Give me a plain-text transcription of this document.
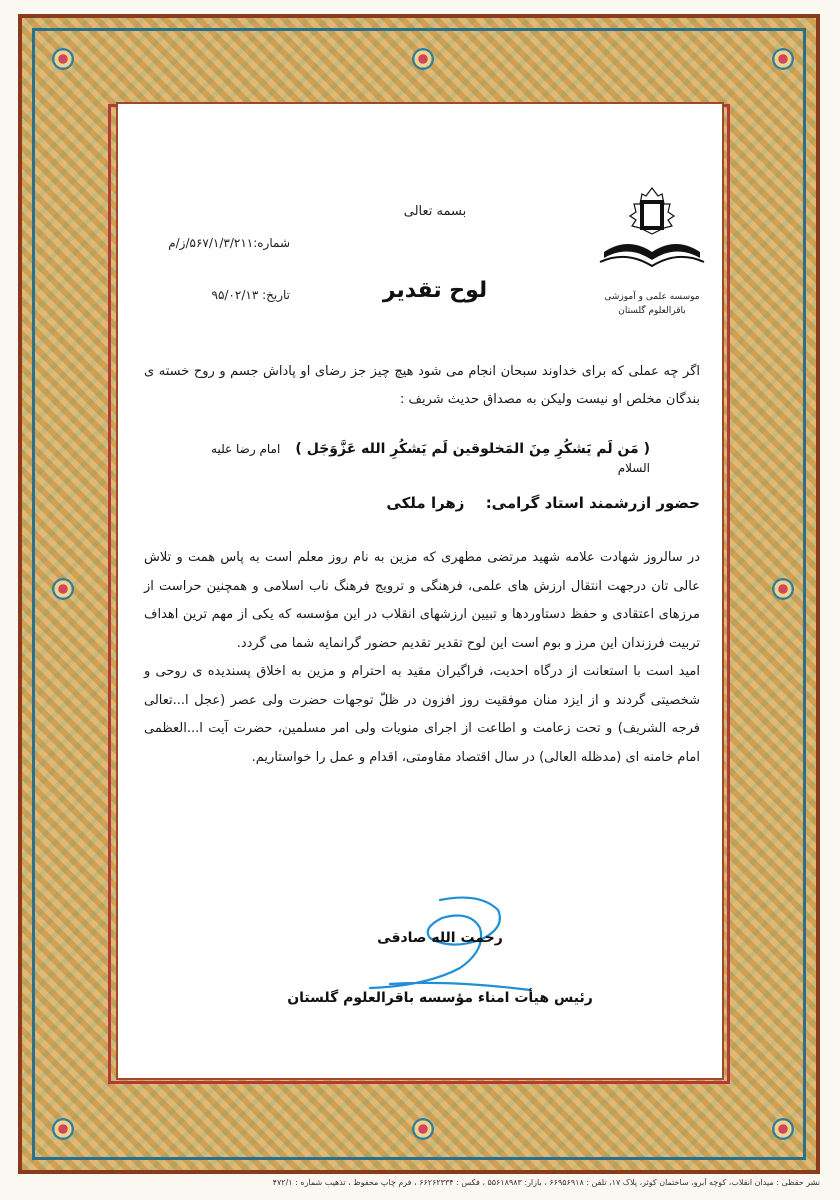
بسمه تعالی
شماره:۵۶۷/۱/۳/۲۱۱/ز/م
لوح تقدیر
تاریخ: ۹۵/۰۲/۱۳	موسسه علمی و آموزشی
باقرالعلوم گلستان
اگر چه عملی که برای خداوند سبحان انجام می شود هیچ چیز جز رضای او پاداش جسم و روح خسته ی بندگان مخلص او نیست ولیکن به مصداق حدیث شریف :
( مَن لَم یَشکُرِ مِنَ المَخلوقین لَم یَشکُرِ الله عَزَّوَجَل ) امام رضا علیه السلام
حضور ازرشمند استاد گرامی: زهرا ملکی

در سالروز شهادت علامه شهید مرتضی مطهری که مزین به نام روز معلم است به پاس همت و تلاش عالی تان درجهت انتقال ارزش های علمی، فرهنگی و ترویج فرهنگ ناب اسلامی و همچنین حراست از مرزهای اعتقادی و حفظ دستاوردها و تبیین ارزشهای انقلاب در این مؤسسه که یکی از مهم ترین اهداف تربیت فرزندان این مرز و بوم است این لوح تقدیر تقدیم حضور گرانمایه شما می گردد.

امید است با استعانت از درگاه احدیت، فراگیران مقید به احترام و مزین به اخلاق پسندیده ی روحی و شخصیتی گردند و از ایزد منان موفقیت روز افزون در ظلّ توجهات حضرت ولی عصر (عجل ا...تعالی فرجه الشریف) و تحت زعامت و اطاعت از اجرای منویات ولی امر مسلمین، حضرت آیت ا...العظمی امام خامنه ای (مدظله العالی) در سال اقتصاد مقاومتی، اقدام و عمل را خواستاریم.

رحمت الله صادقی
رئیس هیأت امناء مؤسسه باقرالعلوم گلستان
نشر حقظی : میدان انقلاب، کوچه آبرو، ساختمان کوثر، پلاک ۱۷، تلفن : ۶۶۹۵۶۹۱۸ ، بازار: ۵۵۶۱۸۹۸۳ ، فکس : ۶۶۲۶۲۳۳۴ ، فرم چاپ محفوظ ، تذهیب شماره : ۴۷۲/۱
